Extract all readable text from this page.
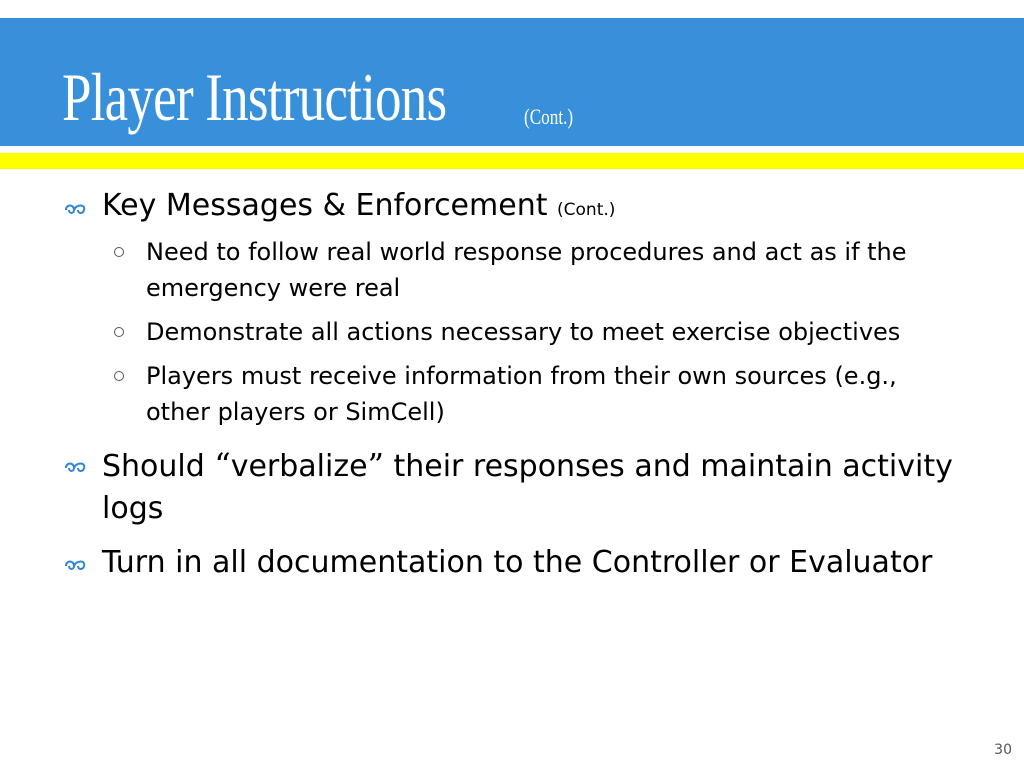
Player Instructions	(Cont.)
Key Messages & Enforcement (Cont.)
Need to follow real world response procedures and act as if the emergency were real
Demonstrate all actions necessary to meet exercise objectives
Players must receive information from their own sources (e.g., other players or SimCell)
Should “verbalize” their responses and maintain activity logs
Turn in all documentation to the Controller or Evaluator
30
